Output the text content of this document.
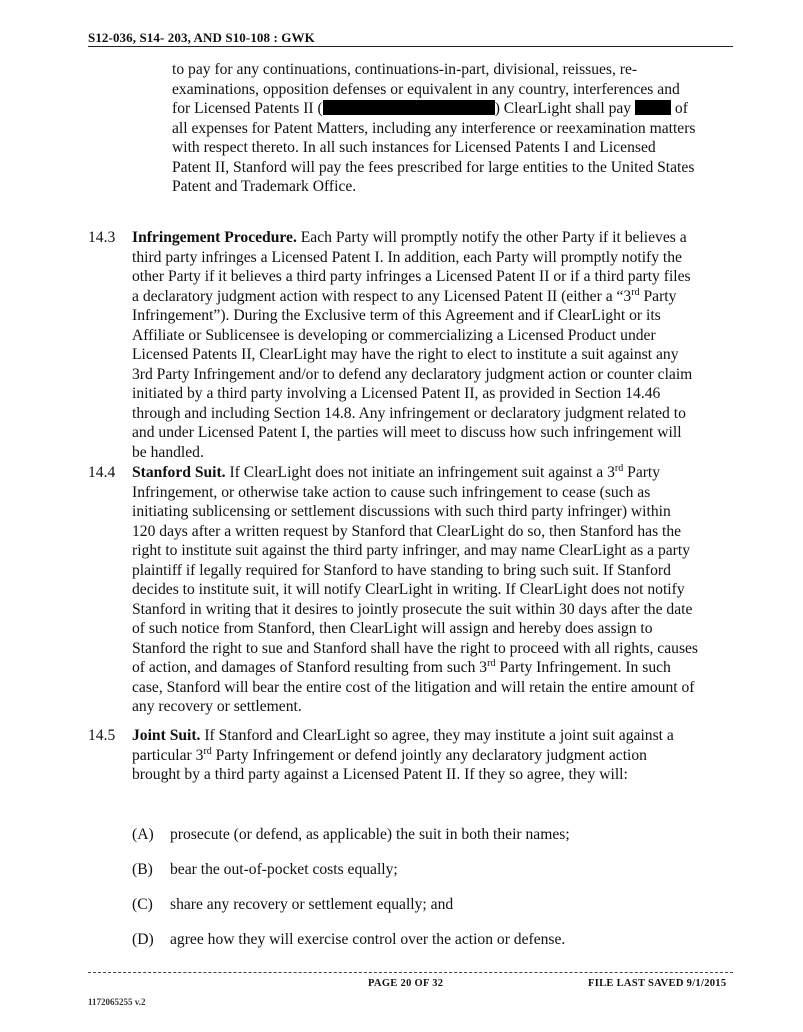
S12-036, S14- 203, AND S10-108 : GWK
to pay for any continuations, continuations-in-part, divisional, reissues, re-
examinations, opposition defenses or equivalent in any country, interferences and
for Licensed Patents II (	) ClearLight shall pay	of
all expenses for Patent Matters, including any interference or reexamination matters
with respect thereto. In all such instances for Licensed Patents I and Licensed
Patent II, Stanford will pay the fees prescribed for large entities to the United States
Patent and Trademark Office.
14.3	Infringement Procedure. Each Party will promptly notify the other Party if it believes a
third party infringes a Licensed Patent I. In addition, each Party will promptly notify the
other Party if it believes a third party infringes a Licensed Patent II or if a third party files
a declaratory judgment action with respect to any Licensed Patent II (either a “3rd Party
Infringement”). During the Exclusive term of this Agreement and if ClearLight or its
Affiliate or Sublicensee is developing or commercializing a Licensed Product under
Licensed Patents II, ClearLight may have the right to elect to institute a suit against any
3rd Party Infringement and/or to defend any declaratory judgment action or counter claim
initiated by a third party involving a Licensed Patent II, as provided in Section 14.46
through and including Section 14.8. Any infringement or declaratory judgment related to
and under Licensed Patent I, the parties will meet to discuss how such infringement will
be handled.
14.4	Stanford Suit. If ClearLight does not initiate an infringement suit against a 3rd Party
Infringement, or otherwise take action to cause such infringement to cease (such as
initiating sublicensing or settlement discussions with such third party infringer) within
120 days after a written request by Stanford that ClearLight do so, then Stanford has the
right to institute suit against the third party infringer, and may name ClearLight as a party
plaintiff if legally required for Stanford to have standing to bring such suit. If Stanford
decides to institute suit, it will notify ClearLight in writing. If ClearLight does not notify
Stanford in writing that it desires to jointly prosecute the suit within 30 days after the date
of such notice from Stanford, then ClearLight will assign and hereby does assign to
Stanford the right to sue and Stanford shall have the right to proceed with all rights, causes
of action, and damages of Stanford resulting from such 3rd Party Infringement. In such
case, Stanford will bear the entire cost of the litigation and will retain the entire amount of
any recovery or settlement.
14.5	Joint Suit. If Stanford and ClearLight so agree, they may institute a joint suit against a
particular 3rd Party Infringement or defend jointly any declaratory judgment action
brought by a third party against a Licensed Patent II. If they so agree, they will:
(A) prosecute (or defend, as applicable) the suit in both their names;
(B) bear the out-of-pocket costs equally;
(C) share any recovery or settlement equally; and
(D) agree how they will exercise control over the action or defense.
PAGE 20 OF 32	FILE LAST SAVED 9/1/2015
1172065255 v.2
